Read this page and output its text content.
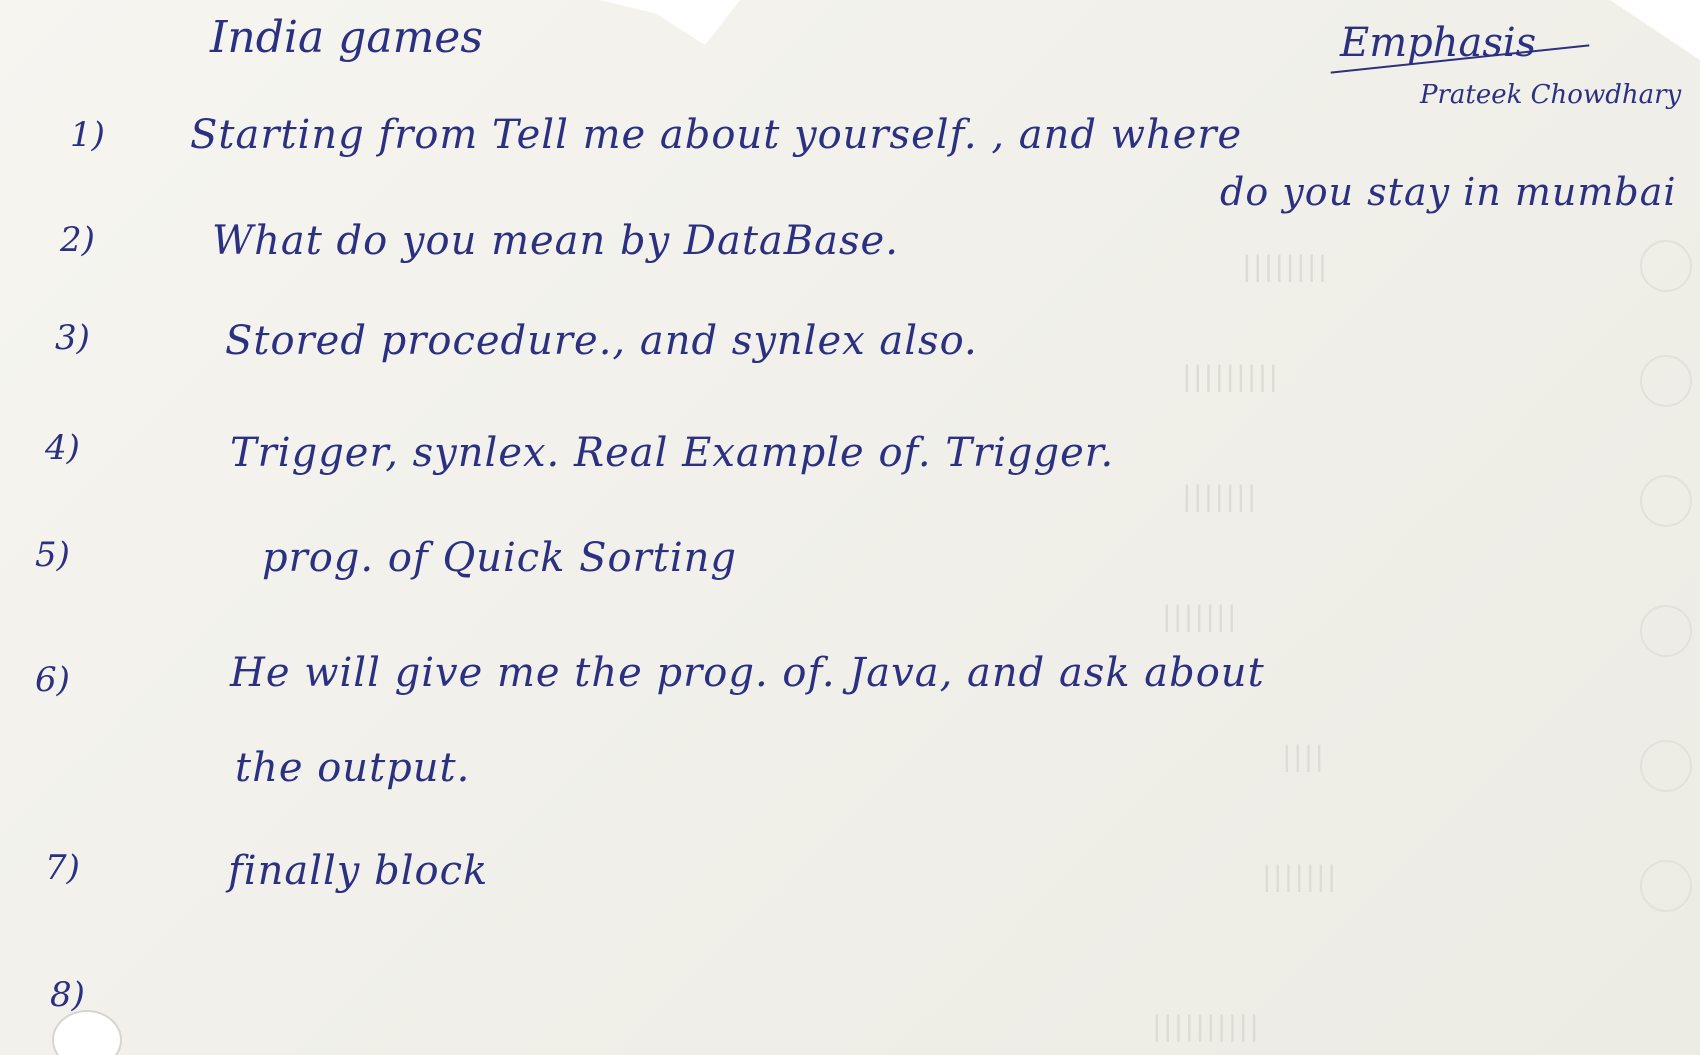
||||||||
|||||||||
|||||||
|||||||
||||
|||||||
||||||||||
India games	Emphasis
Prateek Chowdhary
1) Starting from Tell me about yourself. , and where
do you stay in mumbai
2)	What do you mean by DataBase.
3)	Stored procedure., and synlex also.
4)	Trigger, synlex. Real Example of. Trigger.
5)	prog. of Quick Sorting
6)	He will give me the prog. of. Java, and ask about
the output.
7)	finally block
8)
